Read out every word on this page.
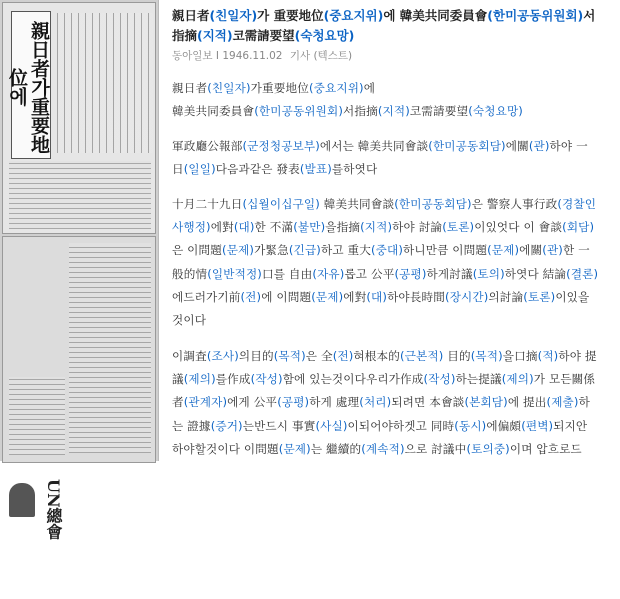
親日者가重要地位에
UN總會
親日者(친일자)가 重要地位(중요지위)에 韓美共同委員會(한미공동위원회)서 指摘(지적)코需請要望(숙청요망)
동아일보 I 1946.11.02 기사 (텍스트)
親日者(친일자)가重要地位(중요지위)에
韓美共同委員會(한미공동위원회)서指摘(지적)코需請要望(숙청요망)
軍政廳公報部(군정청공보부)에서는 韓美共同會談(한미공동회담)에關(관)하야 一
日(일일)다음과같은 發表(발표)를하엿다
十月二十九日(십월이십구일) 韓美共同會談(한미공동회담)은 警察人事行政(경찰인
사행정)에對(대)한 不滿(불만)을指摘(지적)하야 討論(토론)이있엇다 이 會談(회담)
은 이問題(문제)가緊急(긴급)하고 重大(중대)하니만큼 이問題(문제)에關(관)한 一
般的情(일반적정)口를 自由(자유)롭고 公平(공평)하게討議(토의)하엿다 結論(결론)
에드러가기前(전)에 이問題(문제)에對(대)하야長時間(장시간)의討論(토론)이있을
것이다
이調査(조사)의目的(목적)은 全(전)혀根本的(근본적) 目的(목적)을口摘(적)하야 提
議(제의)를作成(작성)함에 있는것이다우리가作成(작성)하는提議(제의)가 모든關係
者(관계자)에게 公平(공평)하게 處理(처리)되려면 本會談(본회담)에 提出(제출)하
는 證據(증거)는반드시 事實(사실)이되어야하겟고 同時(동시)에偏頗(편벽)되지안
하야할것이다 이問題(문제)는 繼續的(계속적)으로 討議中(토의중)이며 압흐로드
